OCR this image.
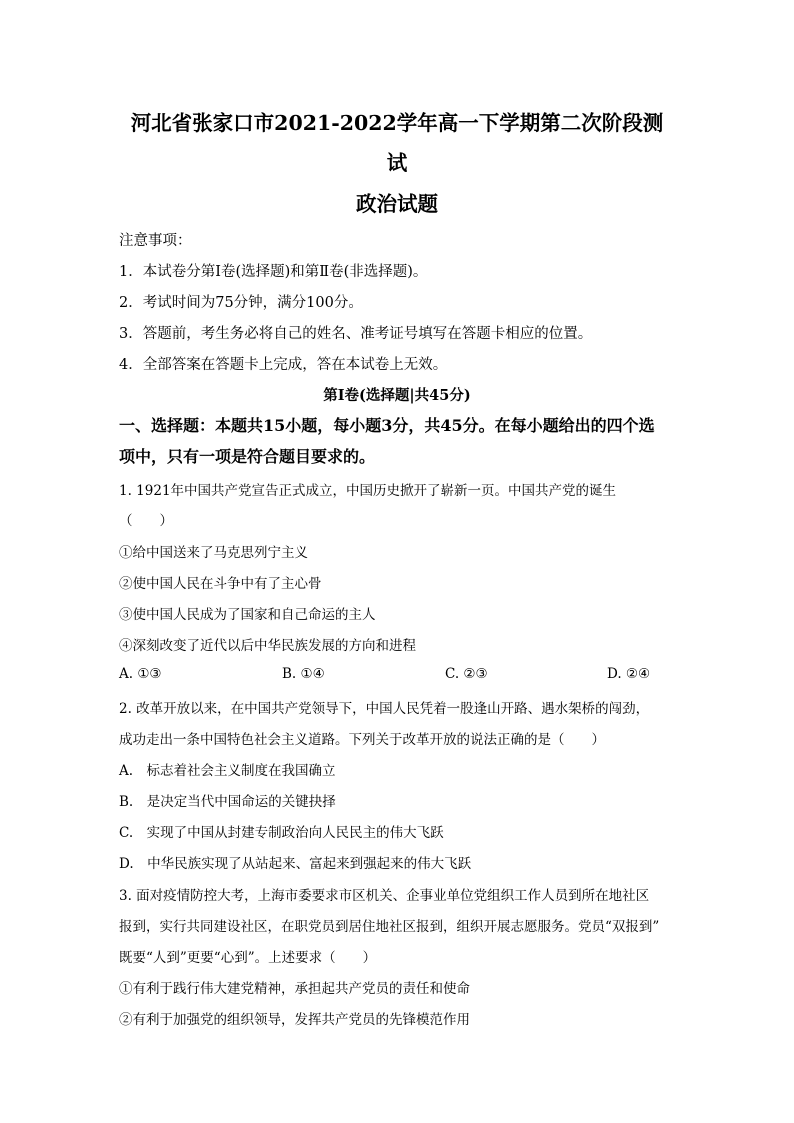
河北省张家口市2021-2022学年高一下学期第二次阶段测
试
政治试题
注意事项：
1．本试卷分第Ⅰ卷(选择题)和第Ⅱ卷(非选择题)。
2．考试时间为75分钟，满分100分。
3．答题前，考生务必将自己的姓名、准考证号填写在答题卡相应的位置。
4．全部答案在答题卡上完成，答在本试卷上无效。
第Ⅰ卷(选择题|共45分)
一、选择题：本题共15小题，每小题3分，共45分。在每小题给出的四个选
项中，只有一项是符合题目要求的。
1. 1921年中国共产党宣告正式成立，中国历史掀开了崭新一页。中国共产党的诞生
（　　）
①给中国送来了马克思列宁主义
②使中国人民在斗争中有了主心骨
③使中国人民成为了国家和自己命运的主人
④深刻改变了近代以后中华民族发展的方向和进程
A. ①③	B. ①④	C. ②③	D. ②④
2. 改革开放以来，在中国共产党领导下，中国人民凭着一股逢山开路、遇水架桥的闯劲，
成功走出一条中国特色社会主义道路。下列关于改革开放的说法正确的是（　　）
A.　标志着社会主义制度在我国确立
B.　是决定当代中国命运的关键抉择
C.　实现了中国从封建专制政治向人民民主的伟大飞跃
D.　中华民族实现了从站起来、富起来到强起来的伟大飞跃
3. 面对疫情防控大考，上海市委要求市区机关、企事业单位党组织工作人员到所在地社区
报到，实行共同建设社区，在职党员到居住地社区报到，组织开展志愿服务。党员“双报到”
既要“人到”更要“心到”。上述要求（　　）
①有利于践行伟大建党精神，承担起共产党员的责任和使命
②有利于加强党的组织领导，发挥共产党员的先锋模范作用
